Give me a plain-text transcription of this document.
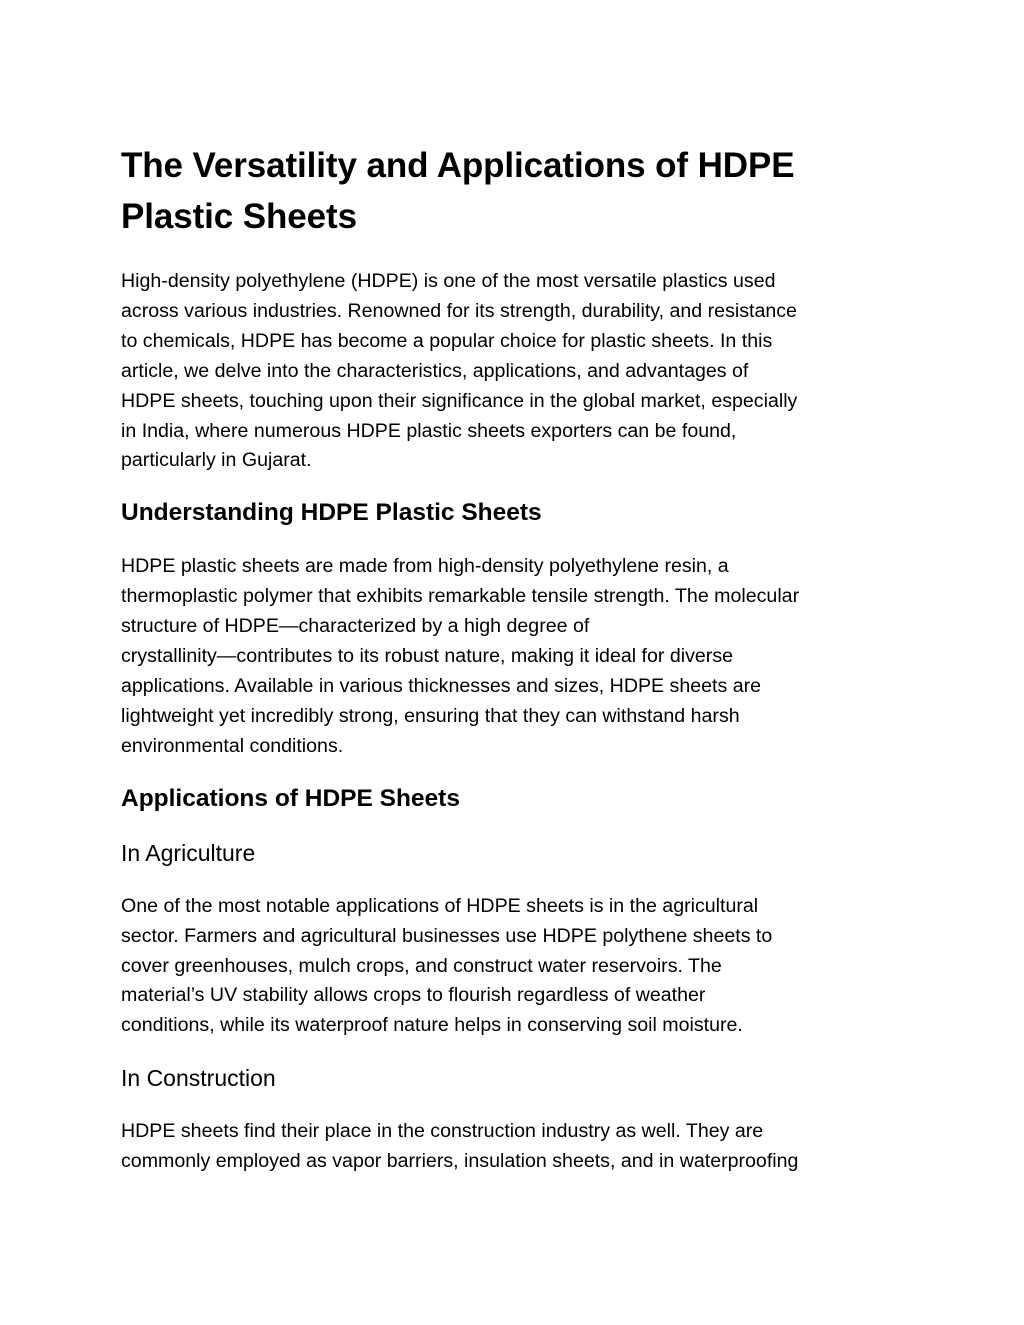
The Versatility and Applications of HDPE Plastic Sheets

High-density polyethylene (HDPE) is one of the most versatile plastics used
across various industries. Renowned for its strength, durability, and resistance
to chemicals, HDPE has become a popular choice for plastic sheets. In this
article, we delve into the characteristics, applications, and advantages of
HDPE sheets, touching upon their significance in the global market, especially
in India, where numerous HDPE plastic sheets exporters can be found,
particularly in Gujarat.

Understanding HDPE Plastic Sheets

HDPE plastic sheets are made from high-density polyethylene resin, a
thermoplastic polymer that exhibits remarkable tensile strength. The molecular
structure of HDPE—characterized by a high degree of
crystallinity—contributes to its robust nature, making it ideal for diverse
applications. Available in various thicknesses and sizes, HDPE sheets are
lightweight yet incredibly strong, ensuring that they can withstand harsh
environmental conditions.

Applications of HDPE Sheets
In Agriculture

One of the most notable applications of HDPE sheets is in the agricultural
sector. Farmers and agricultural businesses use HDPE polythene sheets to
cover greenhouses, mulch crops, and construct water reservoirs. The
material’s UV stability allows crops to flourish regardless of weather
conditions, while its waterproof nature helps in conserving soil moisture.

In Construction

HDPE sheets find their place in the construction industry as well. They are
commonly employed as vapor barriers, insulation sheets, and in waterproofing
